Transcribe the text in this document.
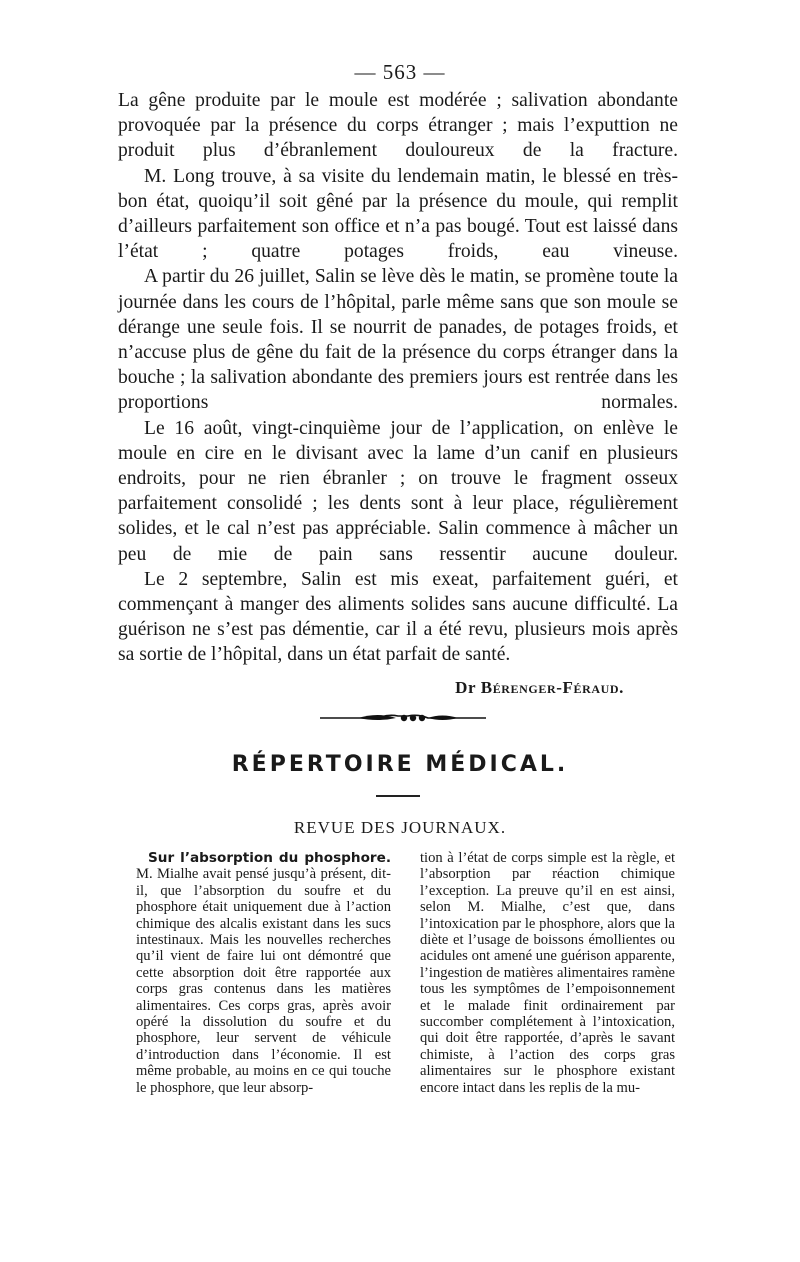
— 563 —

La gêne produite par le moule est modérée ; salivation abondante provoquée par la présence du corps étranger ; mais l’exputtion ne produit plus d’ébranlement douloureux de la fracture.

M. Long trouve, à sa visite du lendemain matin, le blessé en très-bon état, quoiqu’il soit gêné par la présence du moule, qui remplit d’ailleurs parfaitement son office et n’a pas bougé. Tout est laissé dans l’état ; quatre potages froids, eau vineuse.

A partir du 26 juillet, Salin se lève dès le matin, se promène toute la journée dans les cours de l’hôpital, parle même sans que son moule se dérange une seule fois. Il se nourrit de panades, de potages froids, et n’accuse plus de gêne du fait de la présence du corps étranger dans la bouche ; la salivation abondante des premiers jours est rentrée dans les proportions normales.

Le 16 août, vingt-cinquième jour de l’application, on enlève le moule en cire en le divisant avec la lame d’un canif en plusieurs endroits, pour ne rien ébranler ; on trouve le fragment osseux parfaitement consolidé ; les dents sont à leur place, régulièrement solides, et le cal n’est pas appréciable. Salin commence à mâcher un peu de mie de pain sans ressentir aucune douleur.

Le 2 septembre, Salin est mis exeat, parfaitement guéri, et commençant à manger des aliments solides sans aucune difficulté. La guérison ne s’est pas démentie, car il a été revu, plusieurs mois après sa sortie de l’hôpital, dans un état parfait de santé.

Dr Bérenger-Féraud.
RÉPERTOIRE MÉDICAL.
REVUE DES JOURNAUX.

Sur l’absorption du phosphore. M. Mialhe avait pensé jusqu’à présent, dit-il, que l’absorption du soufre et du phosphore était uniquement due à l’action chimique des alcalis existant dans les sucs intestinaux. Mais les nouvelles recherches qu’il vient de faire lui ont démontré que cette absorption doit être rapportée aux corps gras contenus dans les matières alimentaires. Ces corps gras, après avoir opéré la dissolution du soufre et du phosphore, leur servent de véhicule d’introduction dans l’économie. Il est même probable, au moins en ce qui touche le phosphore, que leur absorp-

tion à l’état de corps simple est la règle, et l’absorption par réaction chimique l’exception. La preuve qu’il en est ainsi, selon M. Mialhe, c’est que, dans l’intoxication par le phosphore, alors que la diète et l’usage de boissons émollientes ou acidules ont amené une guérison apparente, l’ingestion de matières alimentaires ramène tous les symptômes de l’empoisonnement et le malade finit ordinairement par succomber complétement à l’intoxication, qui doit être rapportée, d’après le savant chimiste, à l’action des corps gras alimentaires sur le phosphore existant encore intact dans les replis de la mu-
